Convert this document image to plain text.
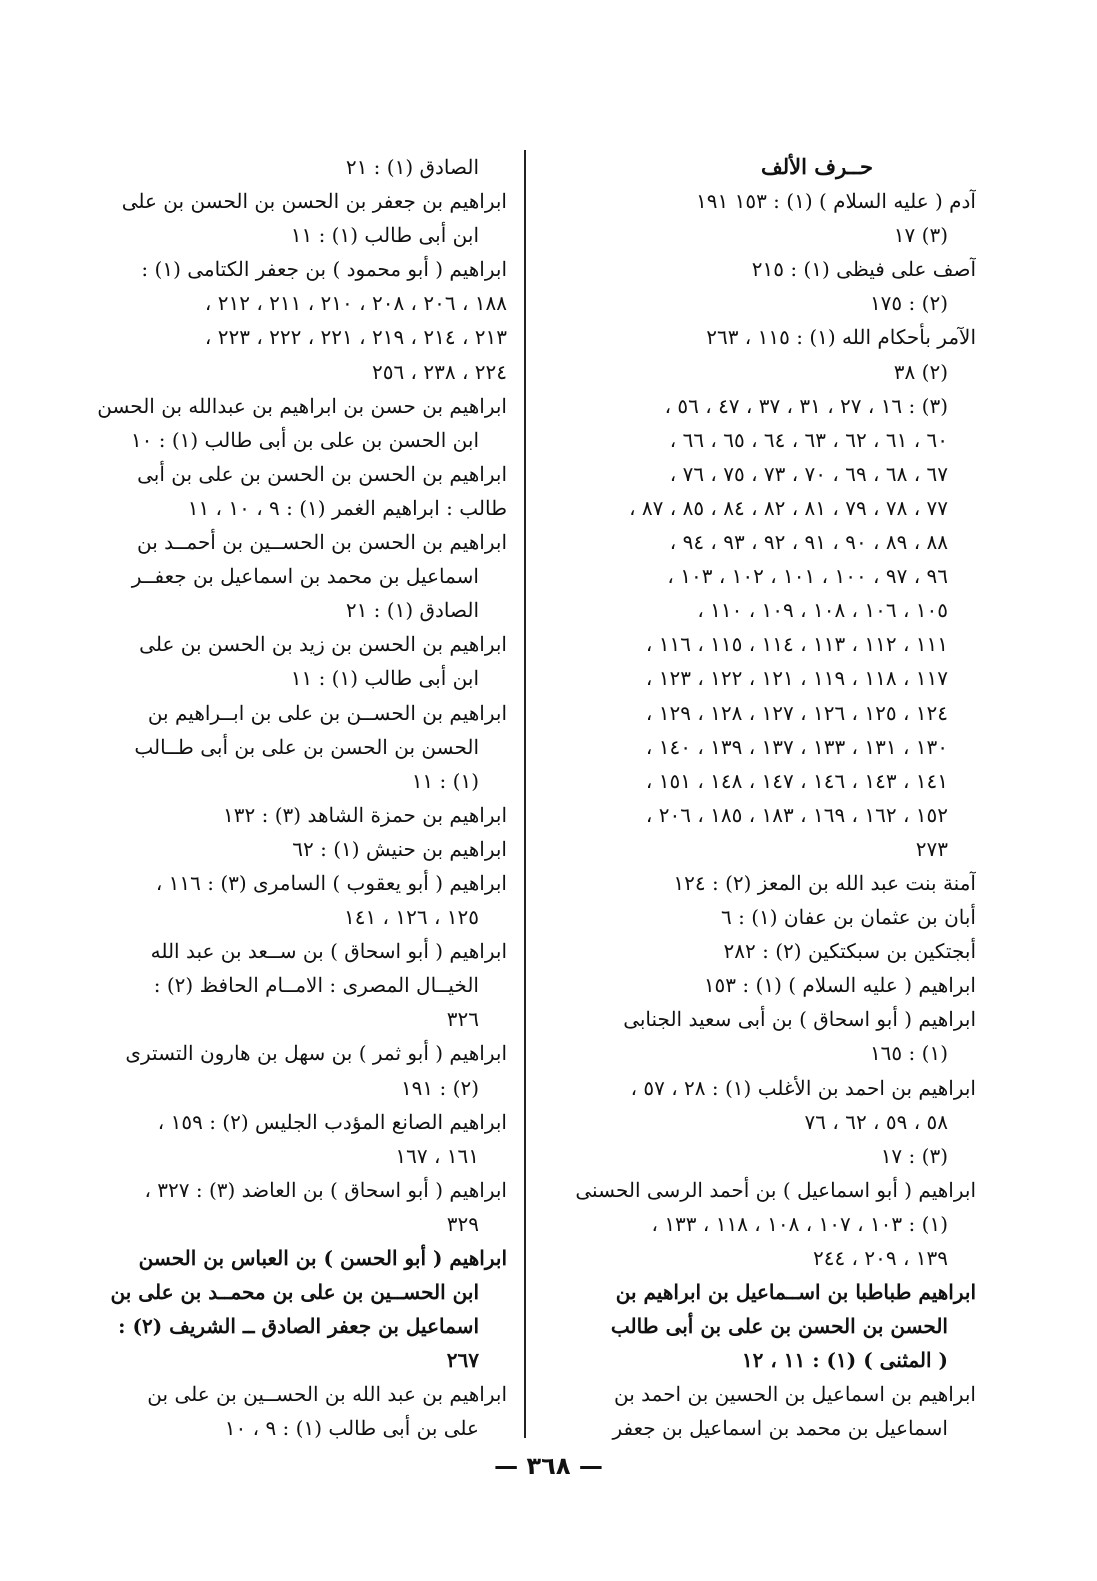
حــرف الألف
آدم ( عليه السلام ) (١) : ١٥٣ ١٩١
(٣) ١٧
آصف على فيظى (١) : ٢١٥
(٢) : ١٧٥
الآمر بأحكام الله (١) : ١١٥ ، ٢٦٣
(٢) ٣٨
(٣) : ١٦ ، ٢٧ ، ٣١ ، ٣٧ ، ٤٧ ، ٥٦ ،
٦٠ ، ٦١ ، ٦٢ ، ٦٣ ، ٦٤ ، ٦٥ ، ٦٦ ،
٦٧ ، ٦٨ ، ٦٩ ، ٧٠ ، ٧٣ ، ٧٥ ، ٧٦ ،
٧٧ ، ٧٨ ، ٧٩ ، ٨١ ، ٨٢ ، ٨٤ ، ٨٥ ، ٨٧ ،
٨٨ ، ٨٩ ، ٩٠ ، ٩١ ، ٩٢ ، ٩٣ ، ٩٤ ،
٩٦ ، ٩٧ ، ١٠٠ ، ١٠١ ، ١٠٢ ، ١٠٣ ،
١٠٥ ، ١٠٦ ، ١٠٨ ، ١٠٩ ، ١١٠ ،
١١١ ، ١١٢ ، ١١٣ ، ١١٤ ، ١١٥ ، ١١٦ ،
١١٧ ، ١١٨ ، ١١٩ ، ١٢١ ، ١٢٢ ، ١٢٣ ،
١٢٤ ، ١٢٥ ، ١٢٦ ، ١٢٧ ، ١٢٨ ، ١٢٩ ،
١٣٠ ، ١٣١ ، ١٣٣ ، ١٣٧ ، ١٣٩ ، ١٤٠ ،
١٤١ ، ١٤٣ ، ١٤٦ ، ١٤٧ ، ١٤٨ ، ١٥١ ،
١٥٢ ، ١٦٢ ، ١٦٩ ، ١٨٣ ، ١٨٥ ، ٢٠٦ ،
٢٧٣
آمنة بنت عبد الله بن المعز (٢) : ١٢٤
أبان بن عثمان بن عفان (١) : ٦
أبجتكين بن سبكتكين (٢) : ٢٨٢
ابراهيم ( عليه السلام ) (١) : ١٥٣
ابراهيم ( أبو اسحاق ) بن أبى سعيد الجنابى
(١) : ١٦٥
ابراهيم بن احمد بن الأغلب (١) : ٢٨ ، ٥٧ ،
٥٨ ، ٥٩ ، ٦٢ ، ٧٦
(٣) : ١٧
ابراهيم ( أبو اسماعيل ) بن أحمد الرسى الحسنى
(١) : ١٠٣ ، ١٠٧ ، ١٠٨ ، ١١٨ ، ١٣٣ ،
١٣٩ ، ٢٠٩ ، ٢٤٤
ابراهيم طباطبا بن اســماعيل بن ابراهيم بن
الحسن بن الحسن بن على بن أبى طالب
( المثنى ) (١) : ١١ ، ١٢
ابراهيم بن اسماعيل بن الحسين بن احمد بن
اسماعيل بن محمد بن اسماعيل بن جعفر
الصادق (١) : ٢١
ابراهيم بن جعفر بن الحسن بن الحسن بن على
ابن أبى طالب (١) : ١١
ابراهيم ( أبو محمود ) بن جعفر الكتامى (١) :
١٨٨ ، ٢٠٦ ، ٢٠٨ ، ٢١٠ ، ٢١١ ، ٢١٢ ،
٢١٣ ، ٢١٤ ، ٢١٩ ، ٢٢١ ، ٢٢٢ ، ٢٢٣ ،
٢٢٤ ، ٢٣٨ ، ٢٥٦
ابراهيم بن حسن بن ابراهيم بن عبدالله بن الحسن
ابن الحسن بن على بن أبى طالب (١) : ١٠
ابراهيم بن الحسن بن الحسن بن على بن أبى
طالب : ابراهيم الغمر (١) : ٩ ، ١٠ ، ١١
ابراهيم بن الحسن بن الحســين بن أحمــد بن
اسماعيل بن محمد بن اسماعيل بن جعفــر
الصادق (١) : ٢١
ابراهيم بن الحسن بن زيد بن الحسن بن على
ابن أبى طالب (١) : ١١
ابراهيم بن الحســن بن على بن ابــراهيم بن
الحسن بن الحسن بن على بن أبى طــالب
(١) : ١١
ابراهيم بن حمزة الشاهد (٣) : ١٣٢
ابراهيم بن حنيش (١) : ٦٢
ابراهيم ( أبو يعقوب ) السامرى (٣) : ١١٦ ،
١٢٥ ، ١٢٦ ، ١٤١
ابراهيم ( أبو اسحاق ) بن ســعد بن عبد الله
الخيــال المصرى : الامــام الحافظ (٢) :
٣٢٦
ابراهيم ( أبو ثمر ) بن سهل بن هارون التسترى
(٢) : ١٩١
ابراهيم الصانع المؤدب الجليس (٢) : ١٥٩ ،
١٦١ ، ١٦٧
ابراهيم ( أبو اسحاق ) بن العاضد (٣) : ٣٢٧ ،
٣٢٩
ابراهيم ( أبو الحسن ) بن العباس بن الحسن
ابن الحســين بن على بن محمــد بن على بن
اسماعيل بن جعفر الصادق ــ الشريف (٢) :
٢٦٧
ابراهيم بن عبد الله بن الحســين بن على بن
على بن أبى طالب (١) : ٩ ، ١٠
— ٣٦٨ —
